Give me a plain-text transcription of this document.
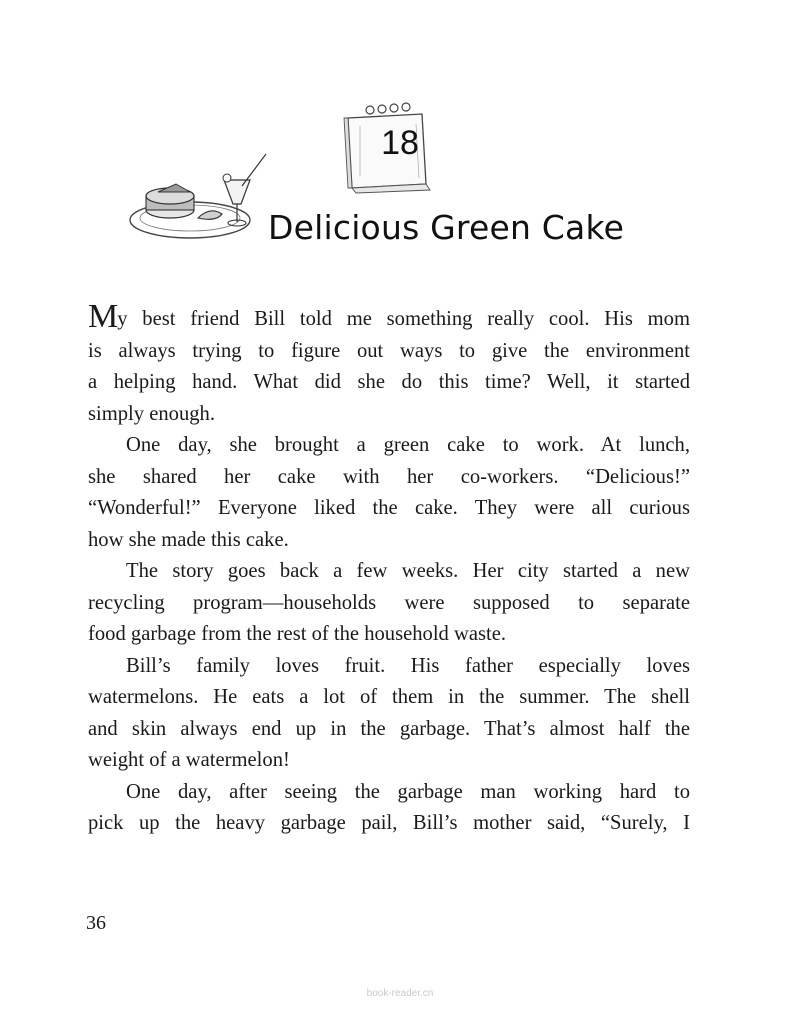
18
Delicious Green Cake

My best friend Bill told me something really cool. His mom
is always trying to figure out ways to give the environment
a helping hand. What did she do this time? Well, it started
simply enough.

One day, she brought a green cake to work. At lunch,
she shared her cake with her co-workers. “Delicious!”
“Wonderful!” Everyone liked the cake. They were all curious
how she made this cake.

The story goes back a few weeks. Her city started a new
recycling program—households were supposed to separate
food garbage from the rest of the household waste.

Bill’s family loves fruit. His father especially loves
watermelons. He eats a lot of them in the summer. The shell
and skin always end up in the garbage. That’s almost half the
weight of a watermelon!

One day, after seeing the garbage man working hard to
pick up the heavy garbage pail, Bill’s mother said, “Surely, I

36
book-reader.cn
